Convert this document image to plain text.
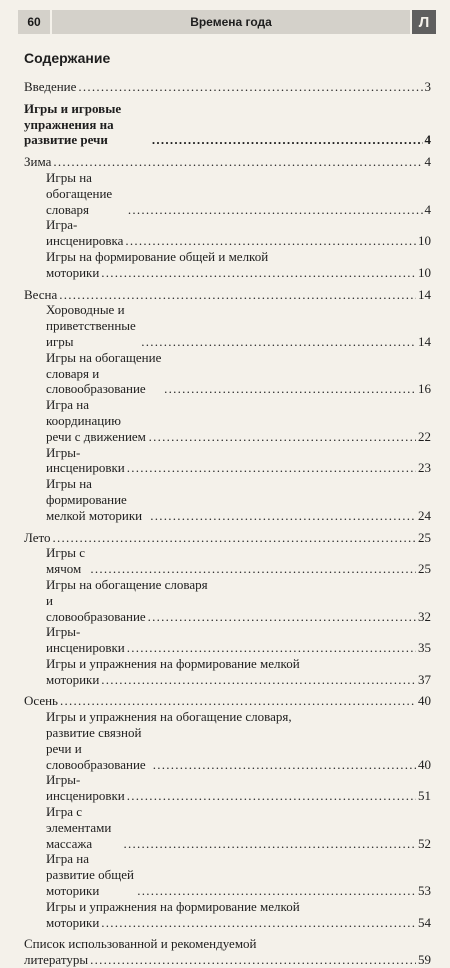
60	Времена года	Л
Содержание
Введение . . .	3
Игры и игровые упражнения на развитие речи . . .	4
Зима . . .	4
Игры на обогащение словаря . . .	4
Игра-инсценировка . . .	10
Игры на формирование общей и мелкой
моторики . . .	10
Весна . . .	14
Хороводные и приветственные игры . . .	14
Игры на обогащение словаря и словообразование . . .	16
Игра на координацию речи с движением . . .	22
Игры-инсценировки . . .	23
Игры на формирование мелкой моторики . . .	24
Лето . . .	25
Игры с мячом . . .	25
Игры на обогащение словаря
и словообразование . . .	32
Игры-инсценировки . . .	35
Игры и упражнения на формирование мелкой
моторики . . .	37
Осень . . .	40
Игры и упражнения на обогащение словаря,
развитие связной речи и словообразование . . .	40
Игры-инсценировки . . .	51
Игра с элементами массажа . . .	52
Игра на развитие общей моторики . . .	53
Игры и упражнения на формирование мелкой
моторики . . .	54
Список использованной и рекомендуемой
литературы . . .	59
